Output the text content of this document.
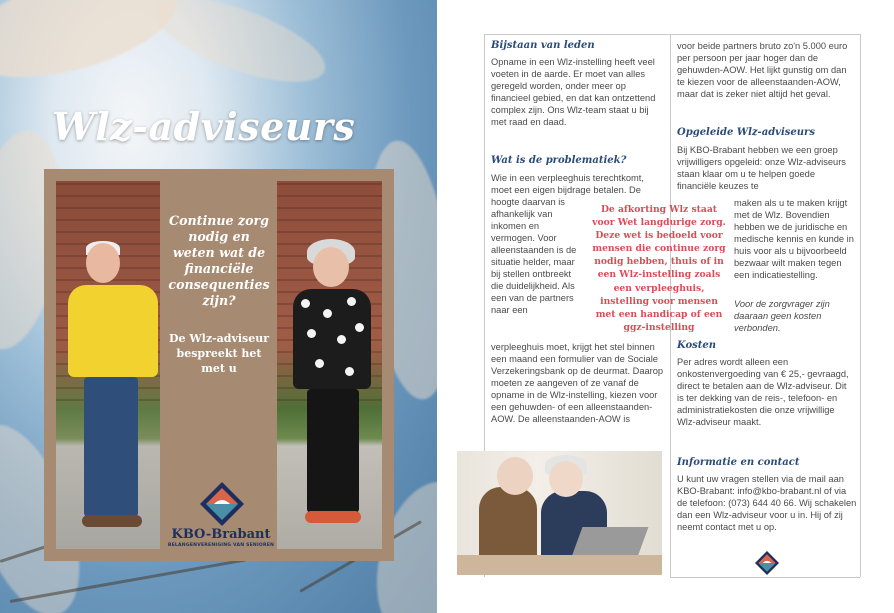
Wlz-adviseurs
Continue zorg nodig en weten wat de financiële consequenties zijn?
De Wlz-adviseur bespreekt het met u
KBO-Brabant
BELANGENVERENIGING VAN SENIOREN
Bijstaan van leden
Opname in een Wlz-instelling heeft veel voeten in de aarde. Er moet van alles geregeld worden, onder meer op financieel gebied, en dat kan ontzettend complex zijn. Ons Wlz-team staat u bij met raad en daad.
Wat is de problematiek?
Wie in een verpleeghuis terechtkomt, moet een eigen bijdrage betalen. De
hoogte daarvan is afhankelijk van inkomen en vermogen. Voor alleenstaanden is de situatie helder, maar bij stellen ontbreekt die duidelijkheid. Als een van de partners naar een
verpleeghuis moet, krijgt het stel binnen een maand een formulier van de Sociale Verzekeringsbank op de deurmat. Daarop moeten ze aangeven of ze vanaf de opname in de Wlz-instelling, kiezen voor een gehuwden- of een alleenstaanden-AOW. De alleenstaanden-AOW is
De afkorting Wlz staat voor Wet langdurige zorg. Deze wet is bedoeld voor mensen die continue zorg nodig hebben, thuis of in een Wlz-instelling zoals een verpleeghuis, instelling voor mensen met een handicap of een ggz-instelling
voor beide partners bruto zo'n 5.000 euro per persoon per jaar hoger dan de gehuwden-AOW. Het lijkt gunstig om dan te kiezen voor de alleenstaanden-AOW, maar dat is zeker niet altijd het geval.
Opgeleide Wlz-adviseurs
Bij KBO-Brabant hebben we een groep vrijwilligers opgeleid: onze Wlz-adviseurs staan klaar om u te helpen goede financiële keuzes te
maken als u te maken krijgt met de Wlz. Bovendien hebben we de juridische en medische kennis en kunde in huis voor als u bijvoorbeeld bezwaar wilt maken tegen een indicatiestelling.
Voor de zorgvrager zijn daaraan geen kosten verbonden.
Kosten
Per adres wordt alleen een onkostenvergoeding van € 25,- gevraagd, direct te betalen aan de Wlz-adviseur. Dit is ter dekking van de reis-, telefoon- en administratiekosten die onze vrijwillige Wlz-adviseur maakt.
Informatie en contact
U kunt uw vragen stellen via de mail aan KBO-Brabant: info@kbo-brabant.nl of via de telefoon: (073) 644 40 66. Wij schakelen dan een Wlz-adviseur voor u in. Hij of zij neemt contact met u op.
